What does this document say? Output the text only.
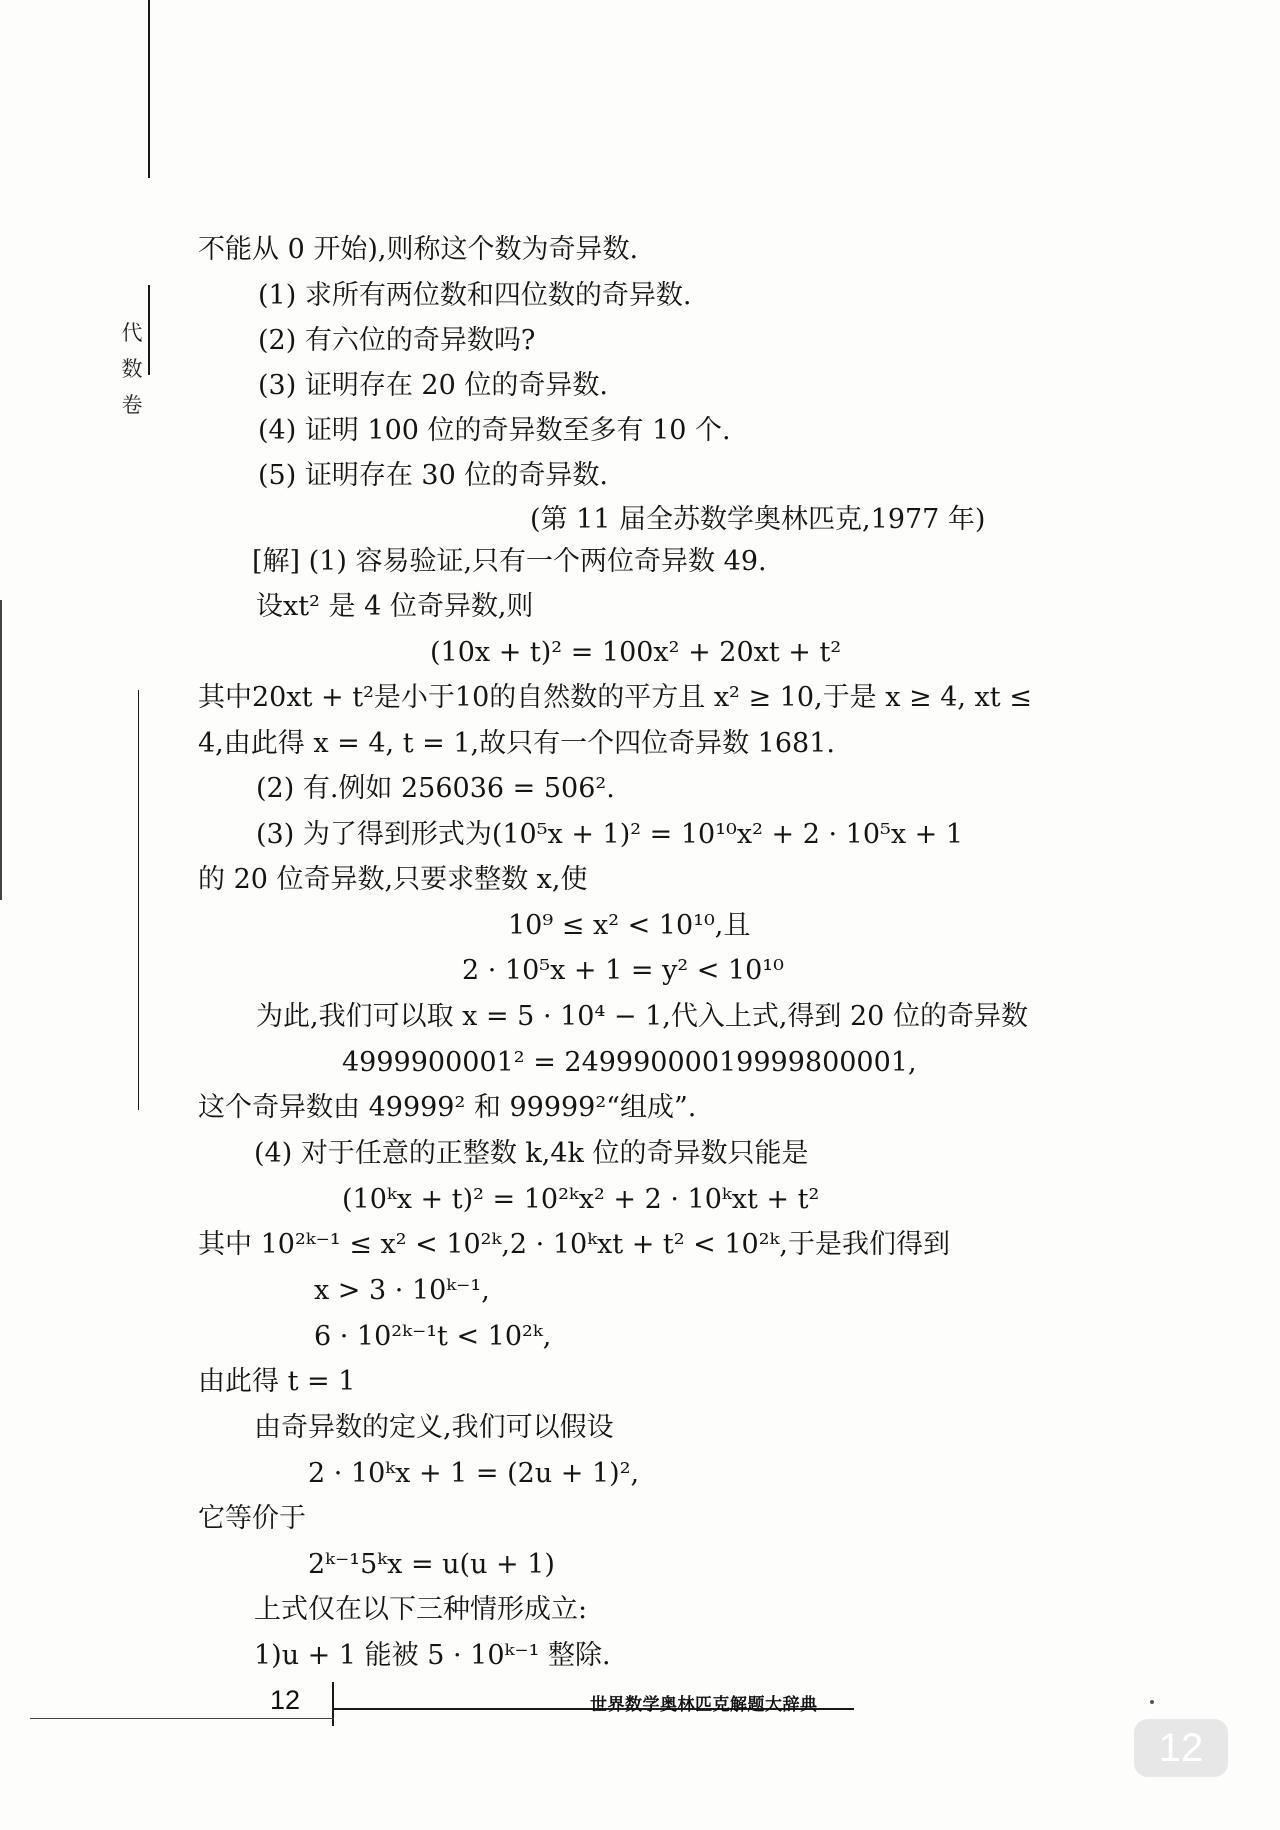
代
数
卷
不能从 0 开始),则称这个数为奇异数.
(1) 求所有两位数和四位数的奇异数.
(2) 有六位的奇异数吗?
(3) 证明存在 20 位的奇异数.
(4) 证明 100 位的奇异数至多有 10 个.
(5) 证明存在 30 位的奇异数.
(第 11 届全苏数学奥林匹克,1977 年)
[解] (1) 容易验证,只有一个两位奇异数 49.
设xt² 是 4 位奇异数,则
(10x + t)² = 100x² + 20xt + t²
其中20xt + t²是小于10的自然数的平方且 x² ≥ 10,于是 x ≥ 4, xt ≤
4,由此得 x = 4, t = 1,故只有一个四位奇异数 1681.
(2) 有.例如 256036 = 506².
(3) 为了得到形式为(10⁵x + 1)² = 10¹⁰x² + 2 · 10⁵x + 1
的 20 位奇异数,只要求整数 x,使
10⁹ ≤ x² < 10¹⁰,且
2 · 10⁵x + 1 = y² < 10¹⁰
为此,我们可以取 x = 5 · 10⁴ − 1,代入上式,得到 20 位的奇异数
4999900001² = 24999000019999800001,
这个奇异数由 49999² 和 99999²“组成”.
(4) 对于任意的正整数 k,4k 位的奇异数只能是
(10ᵏx + t)² = 10²ᵏx² + 2 · 10ᵏxt + t²
其中 10²ᵏ⁻¹ ≤ x² < 10²ᵏ,2 · 10ᵏxt + t² < 10²ᵏ,于是我们得到
x > 3 · 10ᵏ⁻¹,
6 · 10²ᵏ⁻¹t < 10²ᵏ,
由此得 t = 1
由奇异数的定义,我们可以假设
2 · 10ᵏx + 1 = (2u + 1)²,
它等价于
2ᵏ⁻¹5ᵏx = u(u + 1)
上式仅在以下三种情形成立:
1)u + 1 能被 5 · 10ᵏ⁻¹ 整除.
12	世界数学奥林匹克解题大辞典
12
